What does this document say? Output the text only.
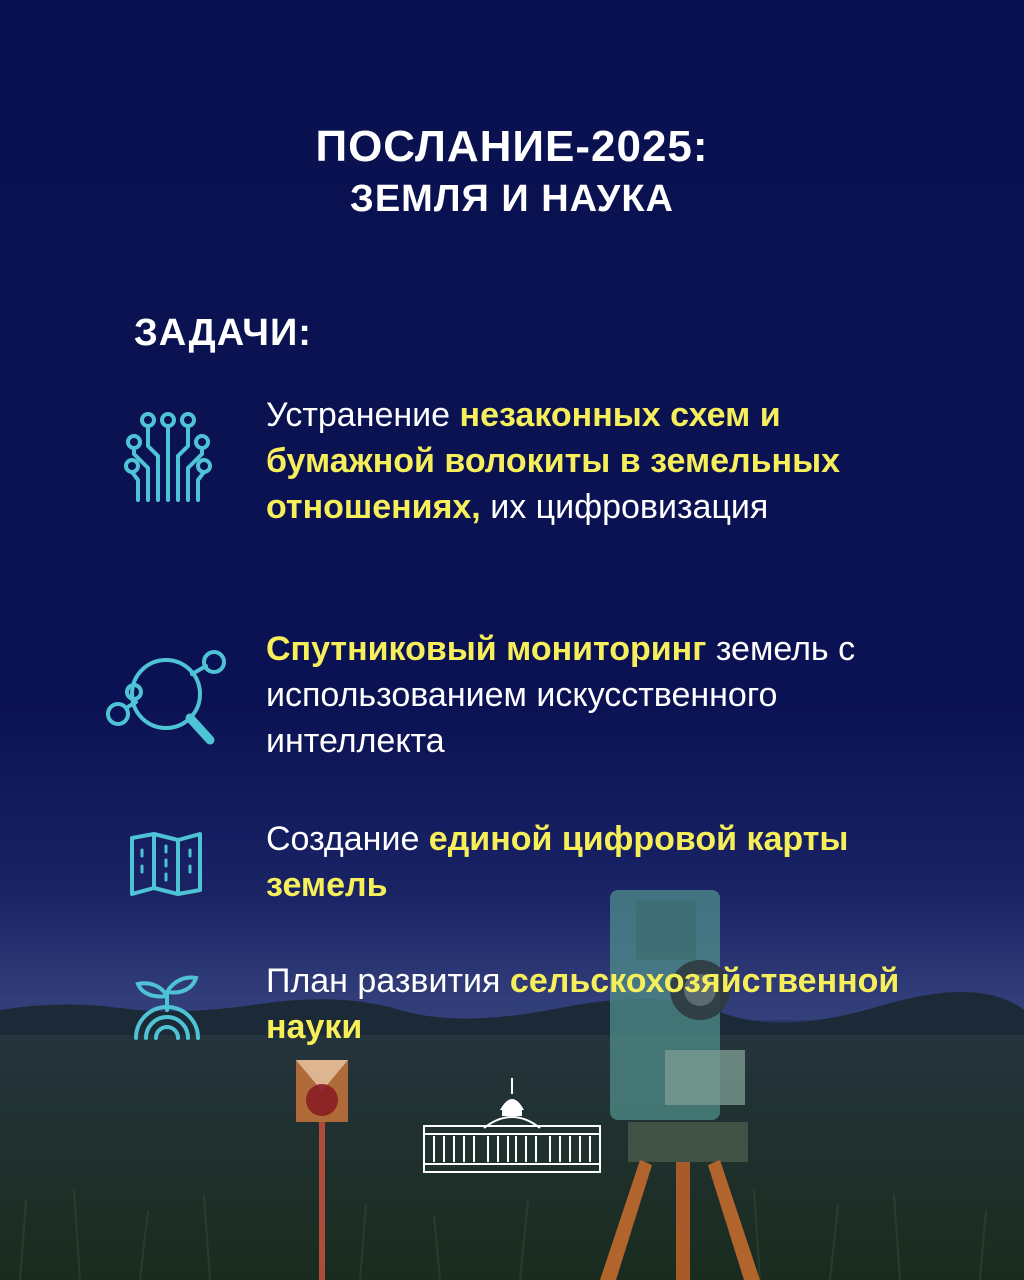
ПОСЛАНИЕ-2025:
ЗЕМЛЯ И НАУКА
ЗАДАЧИ:
Устранение незаконных схем и бумажной волокиты в земельных отношениях, их цифровизация
Спутниковый мониторинг земель с использованием искусственного интеллекта
Создание единой цифровой карты земель
План развития сельскохозяйственной науки
